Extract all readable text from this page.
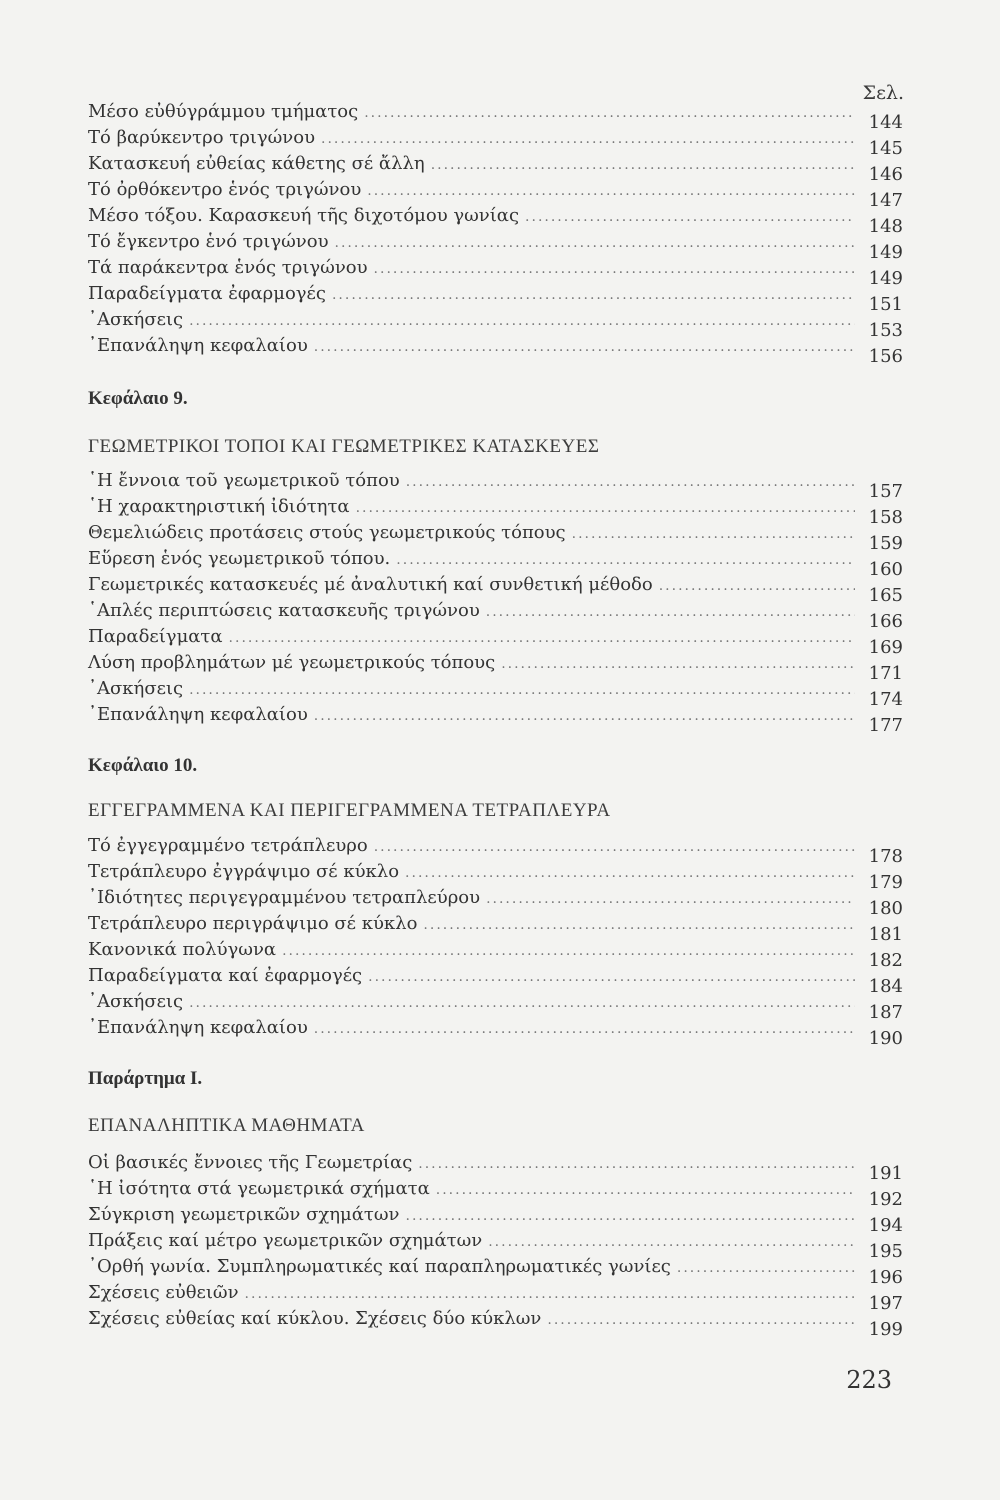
Σελ.
Μέσο εὐθύγράμμου τμήματος
.....
144
Τό βαρύκεντρο τριγώνου
.....
145
Κατασκευή εὐθείας κάθετης σέ ἄλλη
.....
146
Τό ὀρθόκεντρο ἑνός τριγώνου
.....
147
Μέσο τόξου. Καρασκευή τῆς διχοτόμου γωνίας
.....
148
Τό ἔγκεντρο ἑνό τριγώνου
.....
149
Τά παράκεντρα ἑνός τριγώνου
.....
149
Παραδείγματα ἐφαρμογές
.....
151
᾿Ασκήσεις
.....
153
᾿Επανάληψη κεφαλαίου
.....
156
Κεφάλαιο 9.
ΓΕΩΜΕΤΡΙΚΟΙ ΤΟΠΟΙ ΚΑΙ ΓΕΩΜΕΤΡΙΚΕΣ ΚΑΤΑΣΚΕΥΕΣ
῾Η ἔννοια τοῦ γεωμετρικοῦ τόπου
.....
157
῾Η χαρακτηριστική ἰδιότητα
.....
158
Θεμελιώδεις προτάσεις στούς γεωμετρικούς τόπους
.....
159
Εὕρεση ἑνός γεωμετρικοῦ τόπου.
.....
160
Γεωμετρικές κατασκευές μέ ἀναλυτική καί συνθετική μέθοδο
.....
165
῾Απλές περιπτώσεις κατασκευῆς τριγώνου
.....
166
Παραδείγματα
.....
169
Λύση προβλημάτων μέ γεωμετρικούς τόπους
.....
171
᾿Ασκήσεις
.....
174
᾿Επανάληψη κεφαλαίου
.....
177
Κεφάλαιο 10.
ΕΓΓΕΓΡΑΜΜΕΝΑ ΚΑΙ ΠΕΡΙΓΕΓΡΑΜΜΕΝΑ ΤΕΤΡΑΠΛΕΥΡΑ
Τό ἐγγεγραμμένο τετράπλευρο
.....
178
Τετράπλευρο ἐγγράψιμο σέ κύκλο
.....
179
᾿Ιδιότητες περιγεγραμμένου τετραπλεύρου
.....
180
Τετράπλευρο περιγράψιμο σέ κύκλο
.....
181
Κανονικά πολύγωνα
.....
182
Παραδείγματα καί ἐφαρμογές
.....
184
᾿Ασκήσεις
.....
187
᾿Επανάληψη κεφαλαίου
.....
190
Παράρτημα Ι.
ΕΠΑΝΑΛΗΠΤΙΚΑ ΜΑΘΗΜΑΤΑ
Οἱ βασικές ἔννοιες τῆς Γεωμετρίας
.....
191
῾Η ἰσότητα στά γεωμετρικά σχήματα
.....
192
Σύγκριση γεωμετρικῶν σχημάτων
.....
194
Πράξεις καί μέτρο γεωμετρικῶν σχημάτων
.....
195
᾿Ορθή γωνία. Συμπληρωματικές καί παραπληρωματικές γωνίες
.....
196
Σχέσεις εὐθειῶν
.....
197
Σχέσεις εὐθείας καί κύκλου. Σχέσεις δύο κύκλων
.....
199
223
